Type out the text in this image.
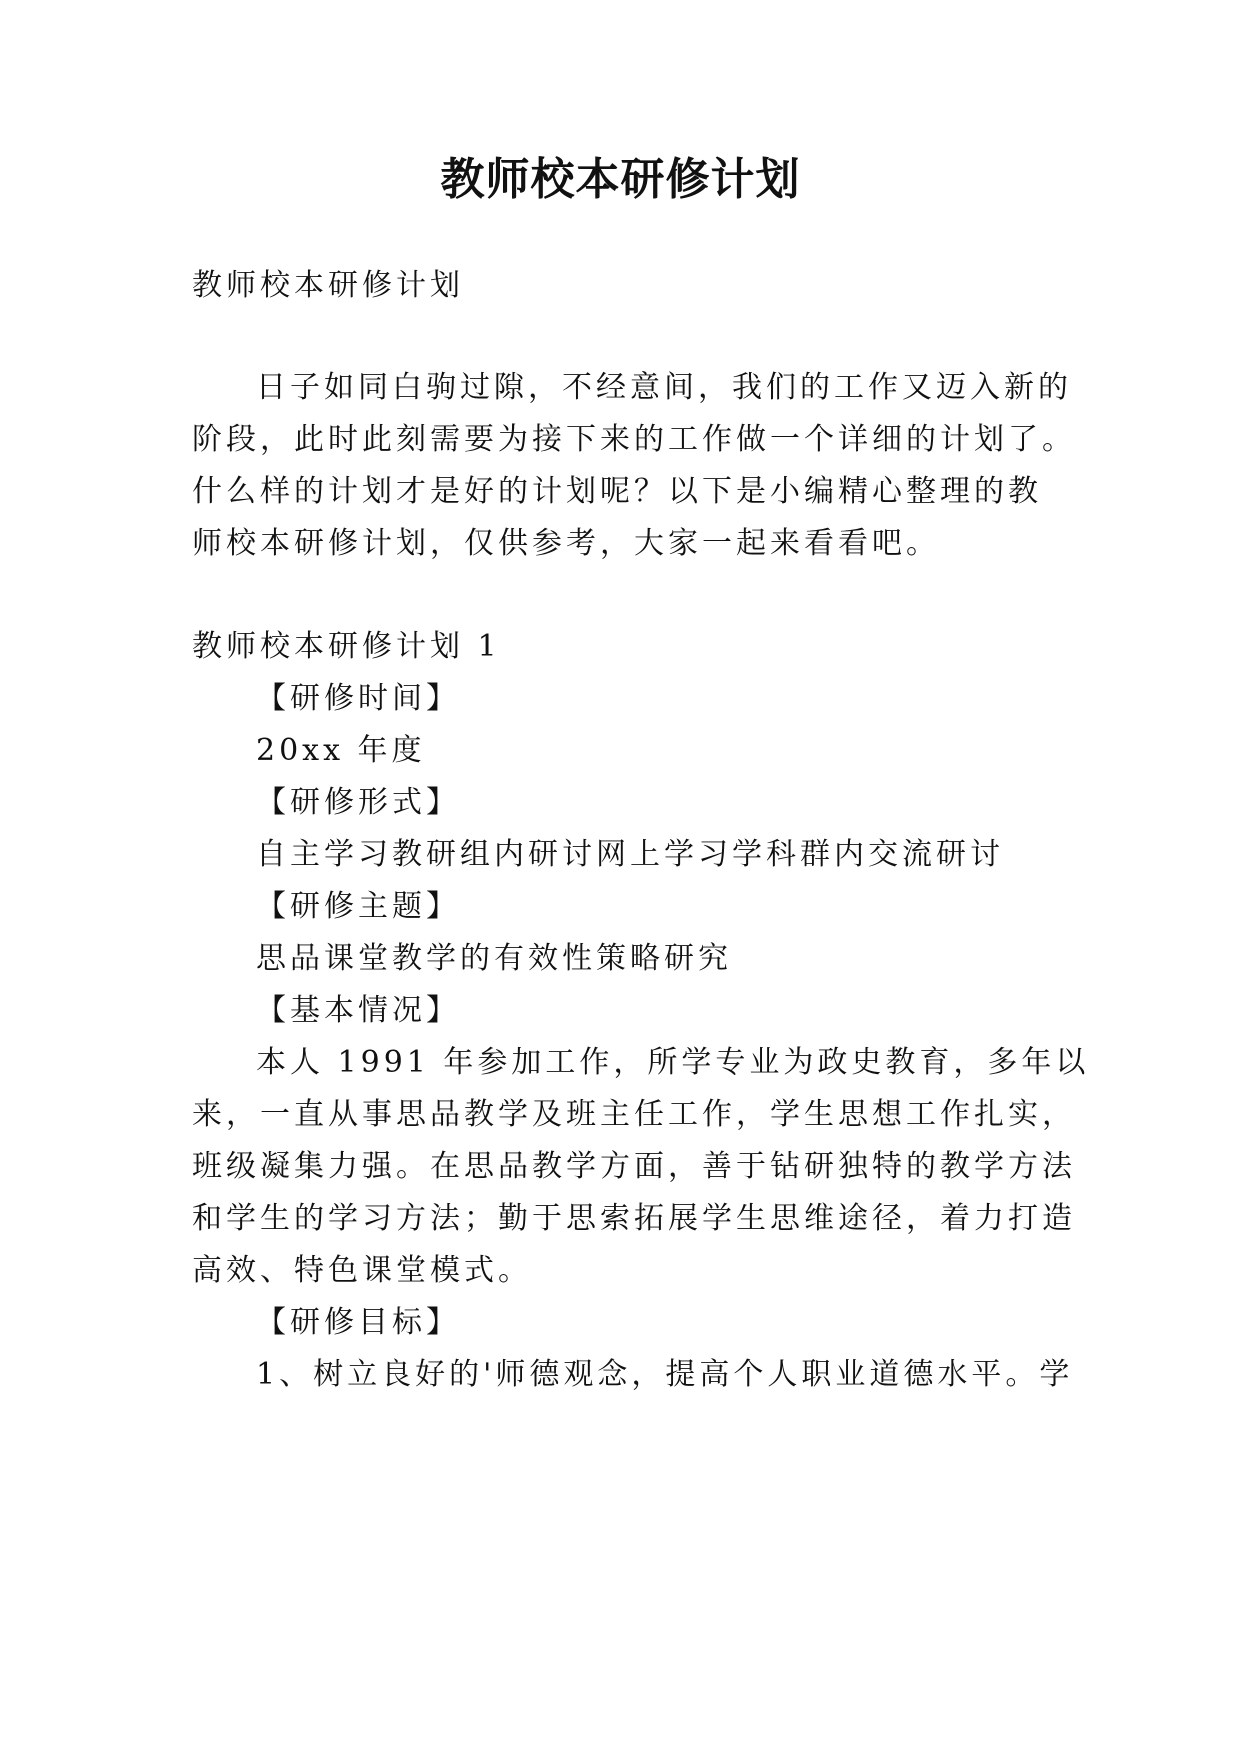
教师校本研修计划

教师校本研修计划

日子如同白驹过隙，不经意间，我们的工作又迈入新的

阶段，此时此刻需要为接下来的工作做一个详细的计划了。

什么样的计划才是好的计划呢？以下是小编精心整理的教

师校本研修计划，仅供参考，大家一起来看看吧。

教师校本研修计划 1

【研修时间】

20xx 年度

【研修形式】

自主学习教研组内研讨网上学习学科群内交流研讨

【研修主题】

思品课堂教学的有效性策略研究

【基本情况】

本人 1991 年参加工作，所学专业为政史教育，多年以

来，一直从事思品教学及班主任工作，学生思想工作扎实，

班级凝集力强。在思品教学方面，善于钻研独特的教学方法

和学生的学习方法；勤于思索拓展学生思维途径，着力打造

高效、特色课堂模式。

【研修目标】

1、树立良好的'师德观念，提高个人职业道德水平。学
